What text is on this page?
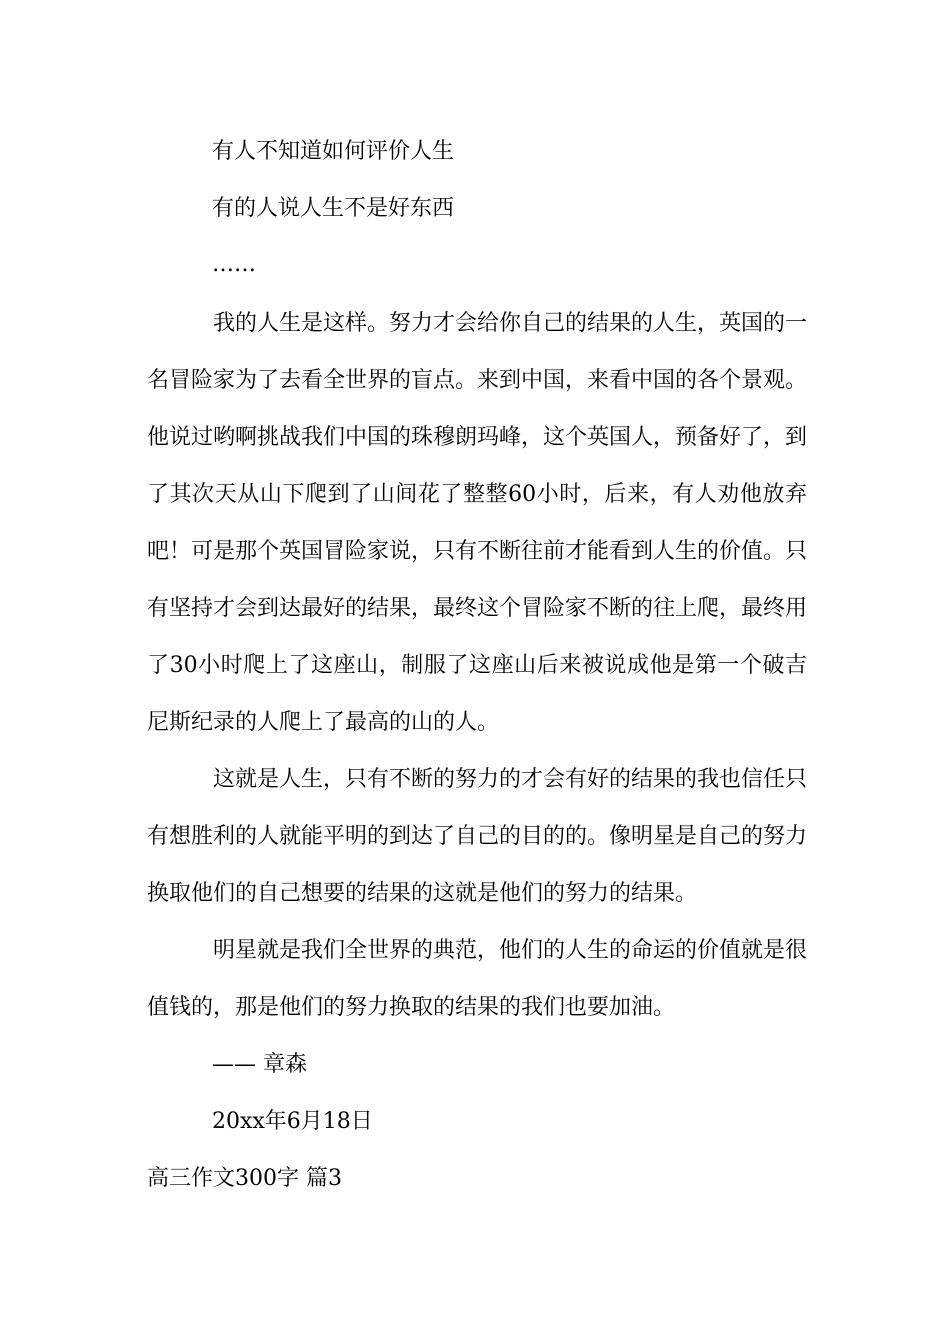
有人不知道如何评价人生
有的人说人生不是好东西
……

我的人生是这样。努力才会给你自己的结果的人生，英国的一名冒险家为了去看全世界的盲点。来到中国，来看中国的各个景观。他说过哟啊挑战我们中国的珠穆朗玛峰，这个英国人，预备好了，到了其次天从山下爬到了山间花了整整60小时，后来，有人劝他放弃吧！可是那个英国冒险家说，只有不断往前才能看到人生的价值。只有坚持才会到达最好的结果，最终这个冒险家不断的往上爬，最终用了30小时爬上了这座山，制服了这座山后来被说成他是第一个破吉尼斯纪录的人爬上了最高的山的人。

这就是人生，只有不断的努力的才会有好的结果的我也信任只有想胜利的人就能平明的到达了自己的目的的。像明星是自己的努力换取他们的自己想要的结果的这就是他们的努力的结果。

明星就是我们全世界的典范，他们的人生的命运的价值就是很值钱的，那是他们的努力换取的结果的我们也要加油。

—— 章森
20xx年6月18日
高三作文300字 篇3
